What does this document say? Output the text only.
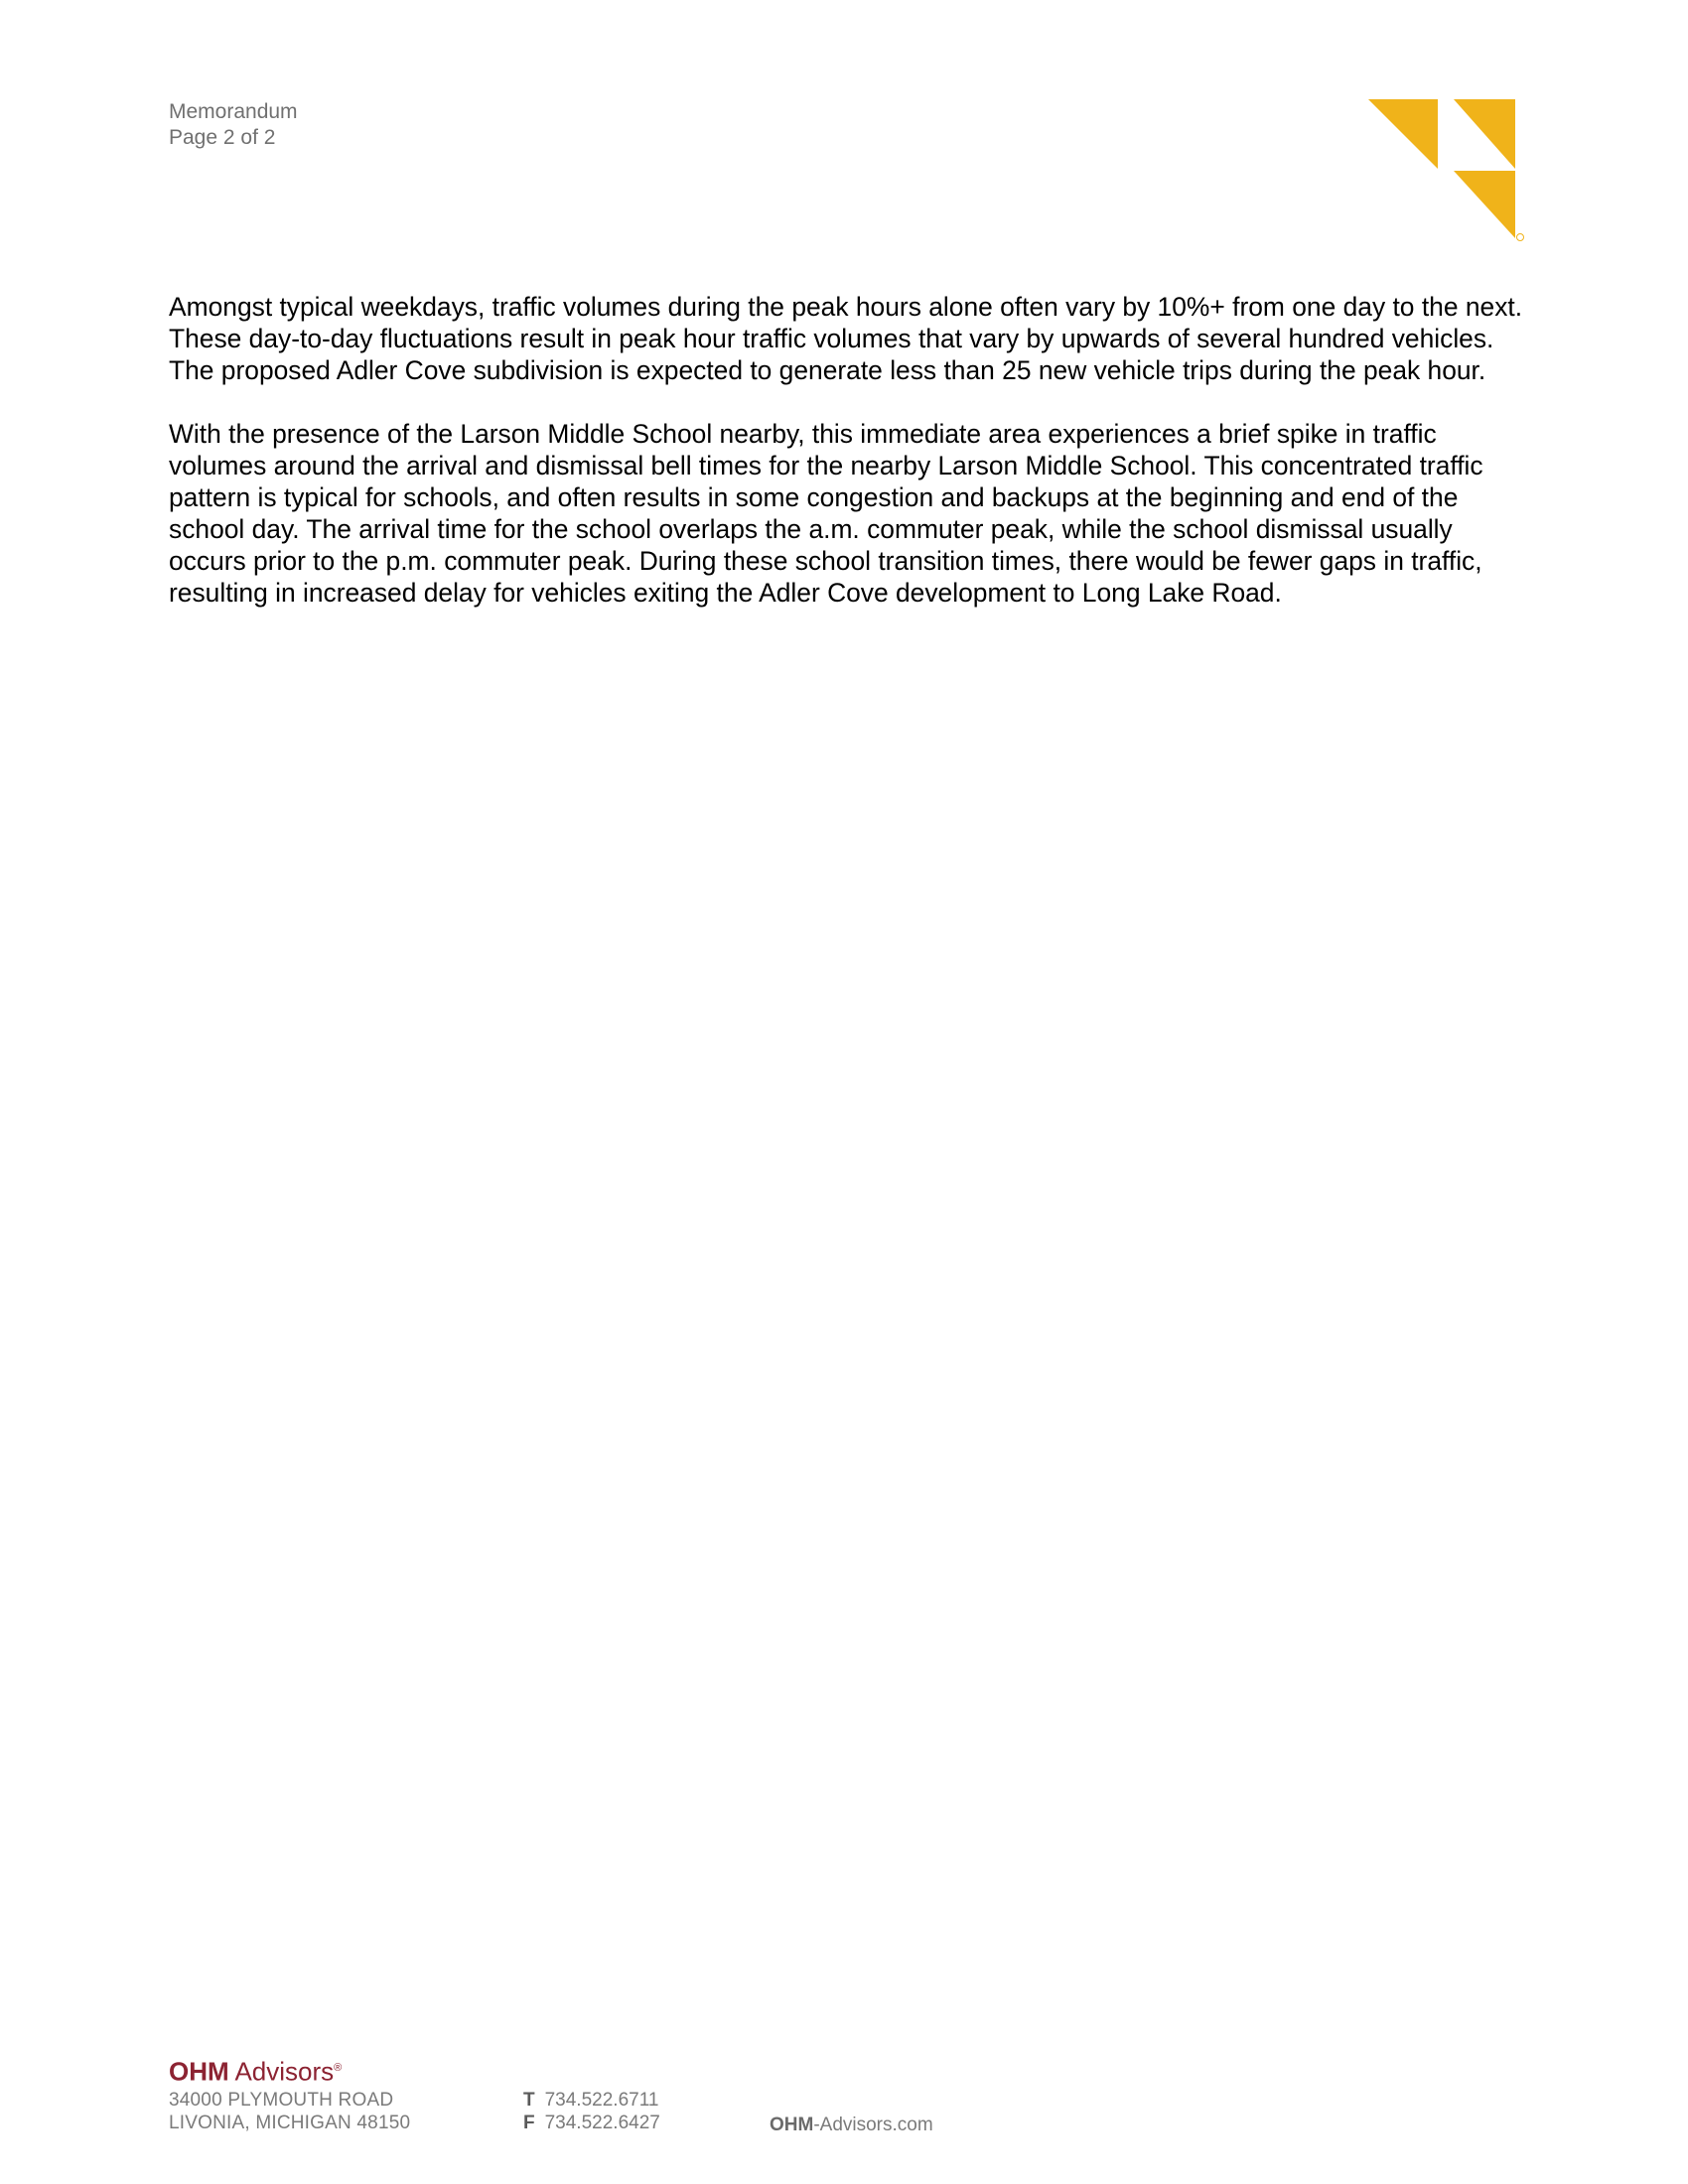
Memorandum
Page 2 of 2

Amongst typical weekdays, traffic volumes during the peak hours alone often vary by 10%+ from one day to the next. These day-to-day fluctuations result in peak hour traffic volumes that vary by upwards of several hundred vehicles. The proposed Adler Cove subdivision is expected to generate less than 25 new vehicle trips during the peak hour.

With the presence of the Larson Middle School nearby, this immediate area experiences a brief spike in traffic volumes around the arrival and dismissal bell times for the nearby Larson Middle School. This concentrated traffic pattern is typical for schools, and often results in some congestion and backups at the beginning and end of the school day. The arrival time for the school overlaps the a.m. commuter peak, while the school dismissal usually occurs prior to the p.m. commuter peak. During these school transition times, there would be fewer gaps in traffic, resulting in increased delay for vehicles exiting the Adler Cove development to Long Lake Road.

OHM Advisors®
34000 PLYMOUTH ROAD
LIVONIA, MICHIGAN 48150
T 734.522.6711
F 734.522.6427	OHM-Advisors.com
